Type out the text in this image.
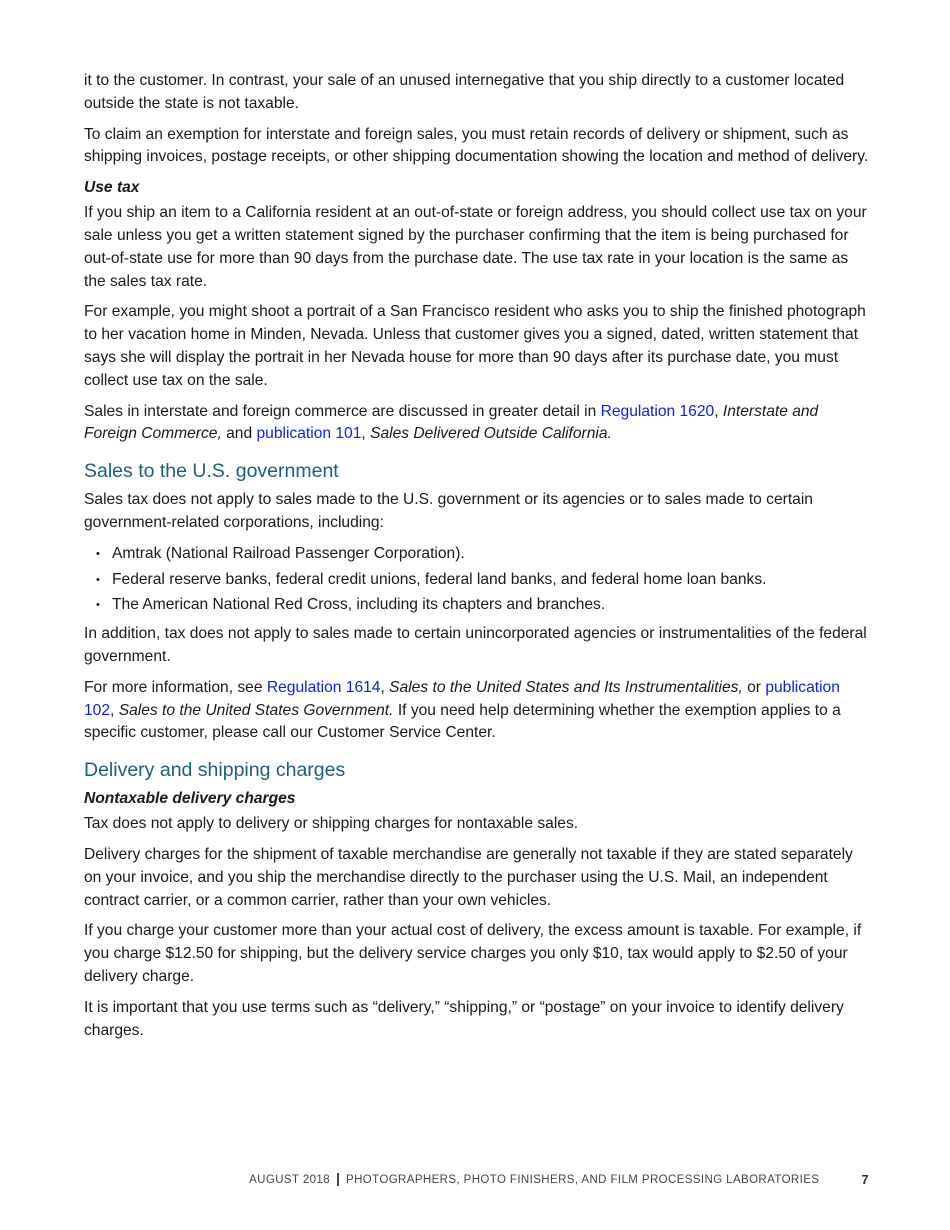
it to the customer. In contrast, your sale of an unused internegative that you ship directly to a customer located outside the state is not taxable.

To claim an exemption for interstate and foreign sales, you must retain records of delivery or shipment, such as shipping invoices, postage receipts, or other shipping documentation showing the location and method of delivery.

Use tax

If you ship an item to a California resident at an out-of-state or foreign address, you should collect use tax on your sale unless you get a written statement signed by the purchaser confirming that the item is being purchased for out-of-state use for more than 90 days from the purchase date. The use tax rate in your location is the same as the sales tax rate.

For example, you might shoot a portrait of a San Francisco resident who asks you to ship the finished photograph to her vacation home in Minden, Nevada. Unless that customer gives you a signed, dated, written statement that says she will display the portrait in her Nevada house for more than 90 days after its purchase date, you must collect use tax on the sale.

Sales in interstate and foreign commerce are discussed in greater detail in Regulation 1620, Interstate and Foreign Commerce, and publication 101, Sales Delivered Outside California.

Sales to the U.S. government

Sales tax does not apply to sales made to the U.S. government or its agencies or to sales made to certain government-related corporations, including:

• Amtrak (National Railroad Passenger Corporation).
• Federal reserve banks, federal credit unions, federal land banks, and federal home loan banks.
• The American National Red Cross, including its chapters and branches.

In addition, tax does not apply to sales made to certain unincorporated agencies or instrumentalities of the federal government.

For more information, see Regulation 1614, Sales to the United States and Its Instrumentalities, or publication 102, Sales to the United States Government. If you need help determining whether the exemption applies to a specific customer, please call our Customer Service Center.

Delivery and shipping charges
Nontaxable delivery charges

Tax does not apply to delivery or shipping charges for nontaxable sales.

Delivery charges for the shipment of taxable merchandise are generally not taxable if they are stated separately on your invoice, and you ship the merchandise directly to the purchaser using the U.S. Mail, an independent contract carrier, or a common carrier, rather than your own vehicles.

If you charge your customer more than your actual cost of delivery, the excess amount is taxable. For example, if you charge $12.50 for shipping, but the delivery service charges you only $10, tax would apply to $2.50 of your delivery charge.

It is important that you use terms such as “delivery,” “shipping,” or “postage” on your invoice to identify delivery charges.

AUGUST 2018 PHOTOGRAPHERS, PHOTO FINISHERS, AND FILM PROCESSING LABORATORIES	7
